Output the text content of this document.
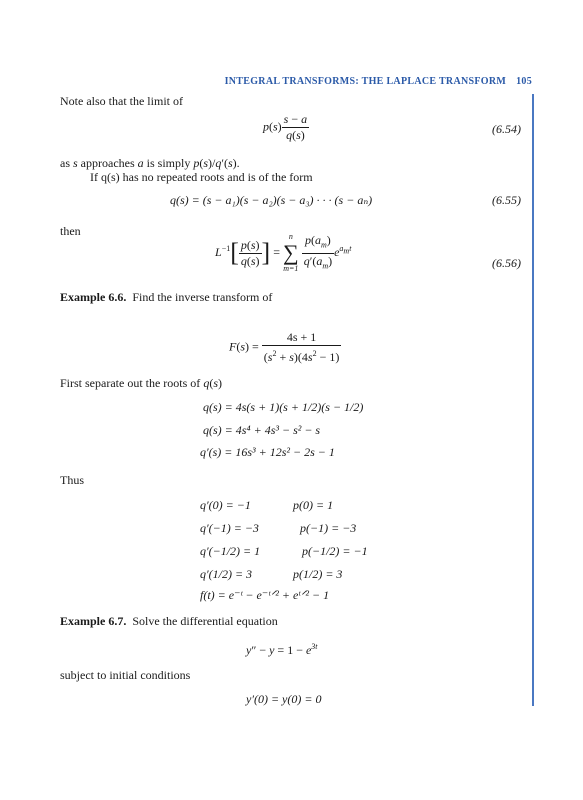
INTEGRAL TRANSFORMS: THE LAPLACE TRANSFORM 105
Note also that the limit of
$p(s) \frac{s - a}{q(s)}$	(6.54)
as s approaches a is simply p(s)/q′(s).
If q(s) has no repeated roots and is of the form
q(s) = (s − a₁)(s − a₂)(s − a₃) · · · (s − aₙ)	(6.55)
then
$L^{-1}[ \frac{p(s)}{q(s)}$ ] =
n
∑
m=1
$\frac{p(a_m)}{q'(a_m)} e^{a_mt}$
(6.56)
Example 6.6. Find the inverse transform of
$F(s) = \frac{4s + 1}{(s^2 + s)(4s^2 - 1)}$
First separate out the roots of q(s)
q(s) = 4s(s + 1)(s + 1/2)(s − 1/2)
q(s) = 4s⁴ + 4s³ − s² − s
q′(s) = 16s³ + 12s² − 2s − 1
Thus
q′(0) = −1	p(0) = 1
q′(−1) = −3	p(−1) = −3
q′(−1/2) = 1	p(−1/2) = −1
q′(1/2) = 3	p(1/2) = 3
f(t) = e⁻ᵗ − e⁻ᵗᐟ² + eᵗᐟ² − 1
Example 6.7. Solve the differential equation
$y'' - y = 1 - e^{3t}$
subject to initial conditions
y′(0) = y(0) = 0
